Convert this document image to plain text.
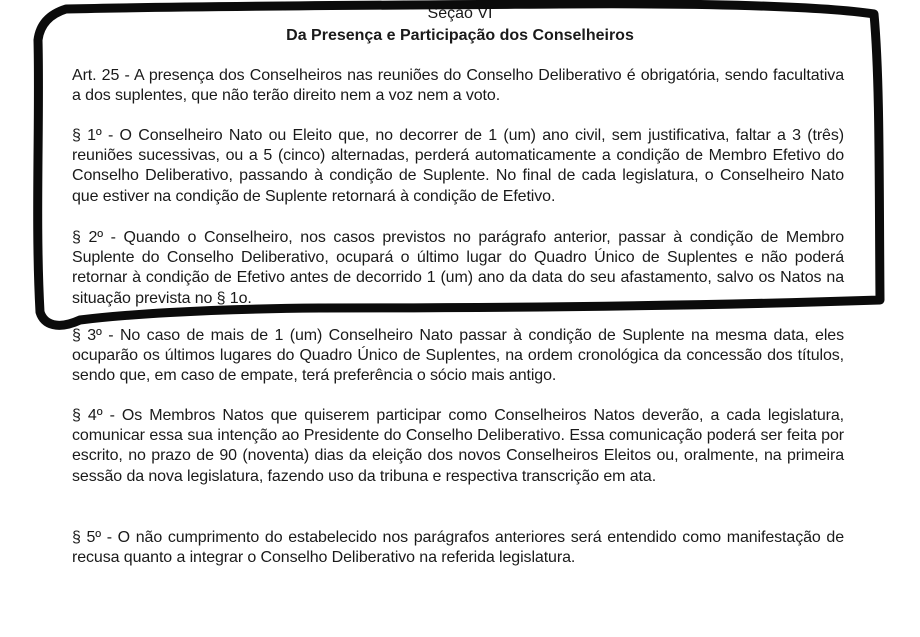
Seção VI
Da Presença e Participação dos Conselheiros

Art. 25 - A presença dos Conselheiros nas reuniões do Conselho Deliberativo é obrigatória, sendo facultativa a dos suplentes, que não terão direito nem a voz nem a voto.

§ 1º - O Conselheiro Nato ou Eleito que, no decorrer de 1 (um) ano civil, sem justificativa, faltar a 3 (três) reuniões sucessivas, ou a 5 (cinco) alternadas, perderá automaticamente a condição de Membro Efetivo do Conselho Deliberativo, passando à condição de Suplente. No final de cada legislatura, o Conselheiro Nato que estiver na condição de Suplente retornará à condição de Efetivo.

§ 2º - Quando o Conselheiro, nos casos previstos no parágrafo anterior, passar à condição de Membro Suplente do Conselho Deliberativo, ocupará o último lugar do Quadro Único de Suplentes e não poderá retornar à condição de Efetivo antes de decorrido 1 (um) ano da data do seu afastamento, salvo os Natos na situação prevista no § 1o.

§ 3º - No caso de mais de 1 (um) Conselheiro Nato passar à condição de Suplente na mesma data, eles ocuparão os últimos lugares do Quadro Único de Suplentes, na ordem cronológica da concessão dos títulos, sendo que, em caso de empate, terá preferência o sócio mais antigo.

§ 4º - Os Membros Natos que quiserem participar como Conselheiros Natos deverão, a cada legislatura, comunicar essa sua intenção ao Presidente do Conselho Deliberativo. Essa comunicação poderá ser feita por escrito, no prazo de 90 (noventa) dias da eleição dos novos Conselheiros Eleitos ou, oralmente, na primeira sessão da nova legislatura, fazendo uso da tribuna e respectiva transcrição em ata.

§ 5º - O não cumprimento do estabelecido nos parágrafos anteriores será entendido como manifestação de recusa quanto a integrar o Conselho Deliberativo na referida legislatura.
